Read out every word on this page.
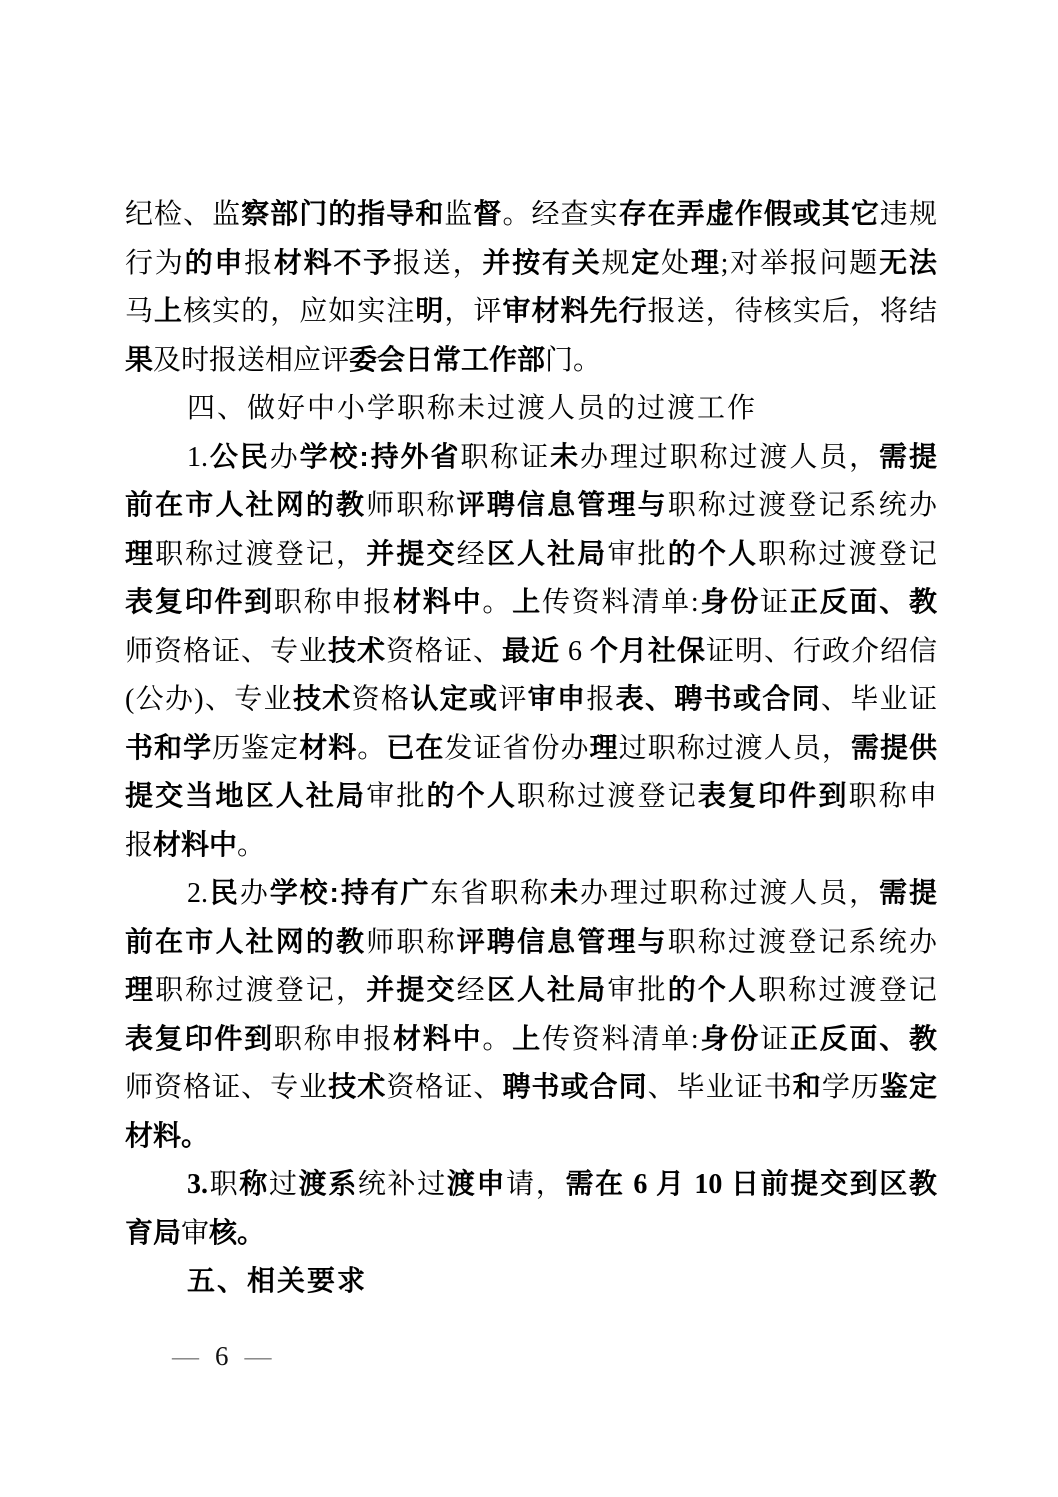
纪检、监察部门的指导和监督。经查实存在弄虚作假或其它违规
行为的申报材料不予报送，并按有关规定处理;对举报问题无法
马上核实的，应如实注明，评审材料先行报送，待核实后，将结
果及时报送相应评委会日常工作部门。
四、做好中小学职称未过渡人员的过渡工作
1.公民办学校:持外省职称证未办理过职称过渡人员，需提
前在市人社网的教师职称评聘信息管理与职称过渡登记系统办
理职称过渡登记，并提交经区人社局审批的个人职称过渡登记
表复印件到职称申报材料中。上传资料清单:身份证正反面、教
师资格证、专业技术资格证、最近 6 个月社保证明、行政介绍信
(公办)、专业技术资格认定或评审申报表、聘书或合同、毕业证
书和学历鉴定材料。已在发证省份办理过职称过渡人员，需提供
提交当地区人社局审批的个人职称过渡登记表复印件到职称申
报材料中。
2.民办学校:持有广东省职称未办理过职称过渡人员，需提
前在市人社网的教师职称评聘信息管理与职称过渡登记系统办
理职称过渡登记，并提交经区人社局审批的个人职称过渡登记
表复印件到职称申报材料中。上传资料清单:身份证正反面、教
师资格证、专业技术资格证、聘书或合同、毕业证书和学历鉴定
材料。
3.职称过渡系统补过渡申请，需在 6 月 10 日前提交到区教
育局审核。
五、相关要求
— 6 —
